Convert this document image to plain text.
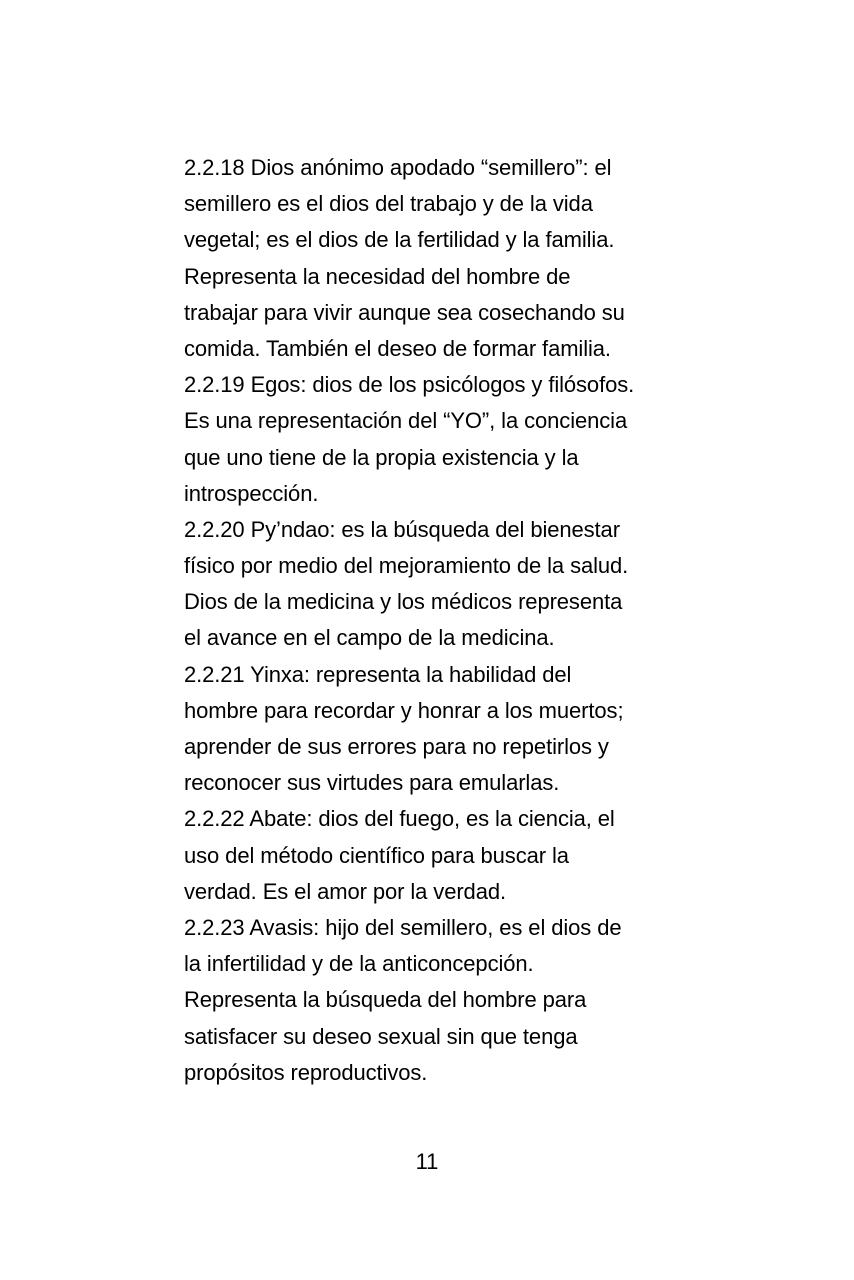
2.2.18 Dios anónimo apodado “semillero”: el
semillero es el dios del trabajo y de la vida
vegetal; es el dios de la fertilidad y la familia.
Representa la necesidad del hombre de
trabajar para vivir aunque sea cosechando su
comida. También el deseo de formar familia.
2.2.19 Egos: dios de los psicólogos y filósofos.
Es una representación del “YO”, la conciencia
que uno tiene de la propia existencia y la
introspección.
2.2.20 Py’ndao: es la búsqueda del bienestar
físico por medio del mejoramiento de la salud.
Dios de la medicina y los médicos representa
el avance en el campo de la medicina.
2.2.21 Yinxa: representa la habilidad del
hombre para recordar y honrar a los muertos;
aprender de sus errores para no repetirlos y
reconocer sus virtudes para emularlas.
2.2.22 Abate: dios del fuego, es la ciencia, el
uso del método científico para buscar la
verdad. Es el amor por la verdad.
2.2.23 Avasis: hijo del semillero, es el dios de
la infertilidad y de la anticoncepción.
Representa la búsqueda del hombre para
satisfacer su deseo sexual sin que tenga
propósitos reproductivos.
11
